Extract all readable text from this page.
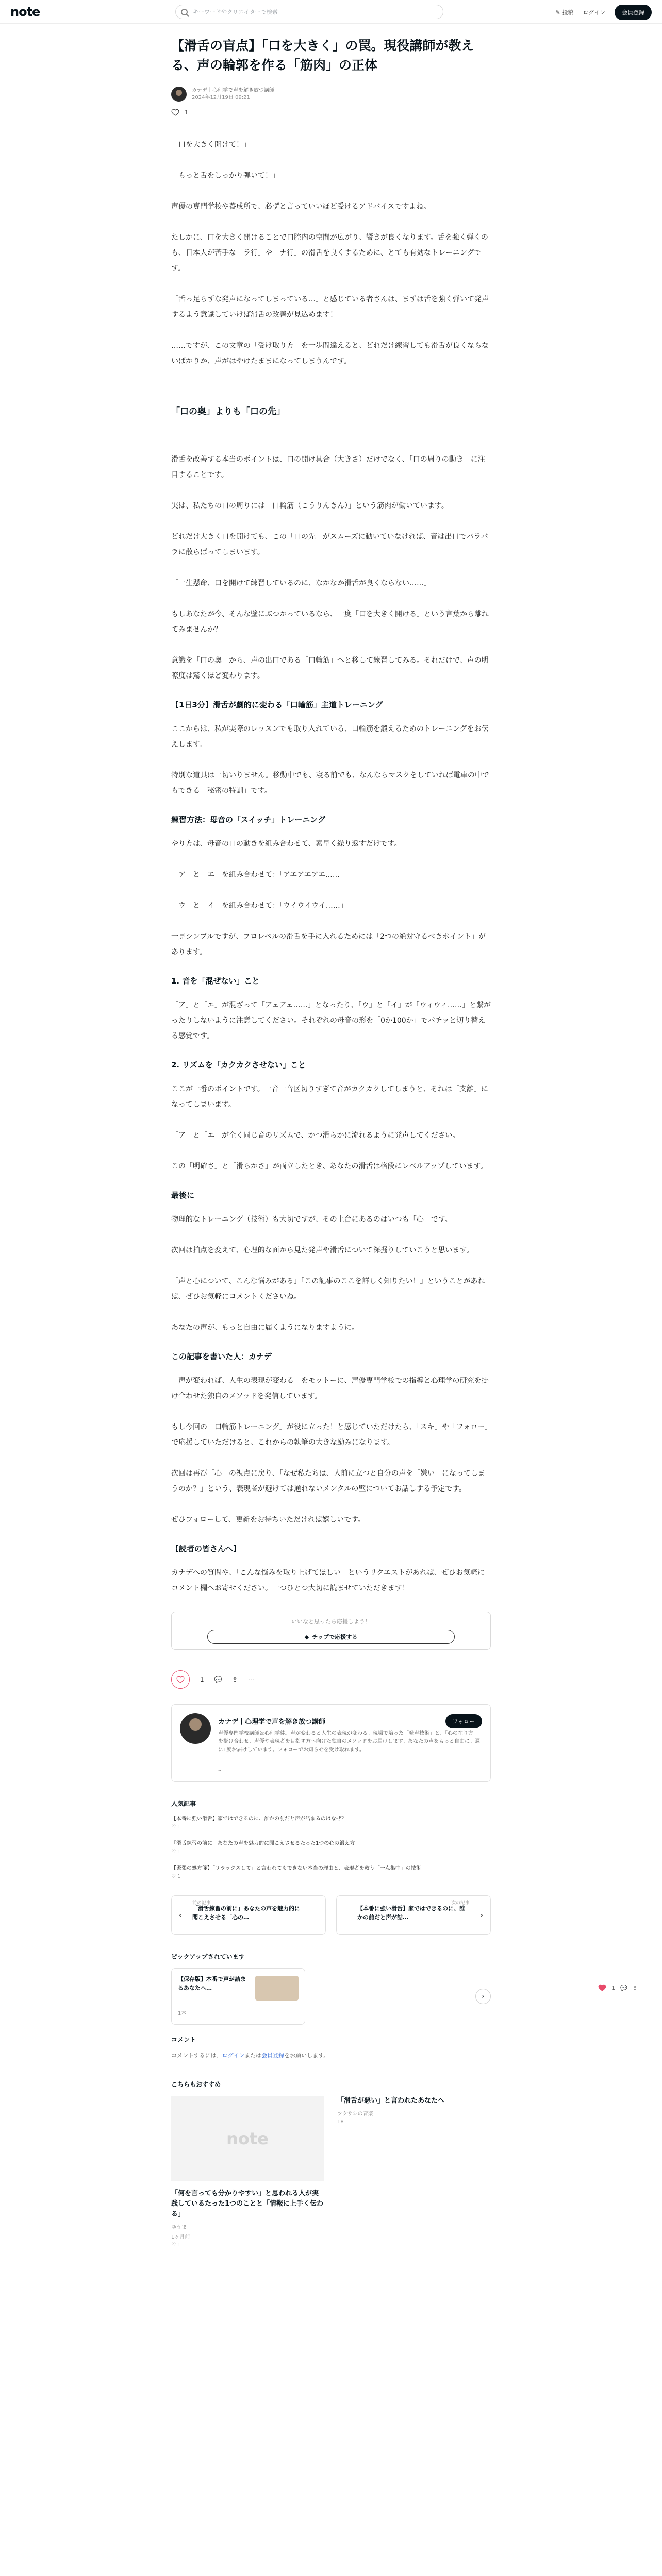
note	キーワードやクリエイターで検索	✎ 投稿 ログイン	会員登録
【滑舌の盲点】「口を大きく」の罠。現役講師が教える、声の輪郭を作る「筋肉」の正体
カナデ｜心理学で声を解き放つ講師
2024年12月19日 09:21
1

「口を大きく開けて！」

「もっと舌をしっかり弾いて！」

声優の専門学校や養成所で、必ずと言っていいほど受けるアドバイスですよね。

たしかに、口を大きく開けることで口腔内の空間が広がり、響きが良くなります。舌を強く弾くのも、日本人が苦手な「ラ行」や「ナ行」の滑舌を良くするために、とても有効なトレーニングです。

「舌っ足らずな発声になってしまっている…」と感じている者さんは、まずは舌を強く弾いて発声するよう意識していけば滑舌の改善が見込めます！

……ですが、この文章の「受け取り方」を一歩間違えると、どれだけ練習しても滑舌が良くならないばかりか、声がはやけたままになってしまうんです。

「口の奥」よりも「口の先」

滑舌を改善する本当のポイントは、口の開け具合（大きさ）だけでなく、「口の周りの動き」に注目することです。

実は、私たちの口の周りには「口輪筋（こうりんきん）」という筋肉が働いています。

どれだけ大きく口を開けても、この「口の先」がスムーズに動いていなければ、音は出口でバラバラに散らばってしまいます。

「一生懸命、口を開けて練習しているのに、なかなか滑舌が良くならない……」

もしあなたが今、そんな壁にぶつかっているなら、一度「口を大きく開ける」という言葉から離れてみませんか？

意識を「口の奥」から、声の出口である「口輪筋」へと移して練習してみる。それだけで、声の明瞭度は驚くほど変わります。

【1日3分】滑舌が劇的に変わる「口輪筋」主道トレーニング

ここからは、私が実際のレッスンでも取り入れている、口輪筋を鍛えるためのトレーニングをお伝えします。

特別な道具は一切いりません。移動中でも、寝る前でも、なんならマスクをしていれば電車の中でもできる「秘密の特訓」です。

練習方法：母音の「スイッチ」トレーニング

やり方は、母音の口の動きを組み合わせて、素早く繰り返すだけです。

「ア」と「エ」を組み合わせて：「アエアエアエ……」

「ウ」と「イ」を組み合わせて：「ウイウイウイ……」

一見シンプルですが、プロレベルの滑舌を手に入れるためには「2つの絶対守るべきポイント」があります。

1. 音を「混ぜない」こと

「ア」と「エ」が混ざって「アェアェ……」となったり、「ウ」と「イ」が「ウィウィ……」と繋がったりしないように注意してください。それぞれの母音の形を「0か100か」でパチッと切り替える感覚です。

2. リズムを「カクカクさせない」こと

ここが一番のポイントです。一音一音区切りすぎて音がカクカクしてしまうと、それは「支離」になってしまいます。

「ア」と「エ」が全く同じ音のリズムで、かつ滑らかに流れるように発声してください。

この「明確さ」と「滑らかさ」が両立したとき、あなたの滑舌は格段にレベルアップしています。

最後に

物理的なトレーニング（技術）も大切ですが、その土台にあるのはいつも「心」です。

次回は拍点を変えて、心理的な面から見た発声や滑舌について深掘りしていこうと思います。

「声と心について、こんな悩みがある」「この記事のここを詳しく知りたい！」ということがあれば、ぜひお気軽にコメントくださいね。

あなたの声が、もっと自由に届くようになりますように。

この記事を書いた人：カナデ

「声が変われば、人生の表現が変わる」をモットーに、声優専門学校での指導と心理学の研究を掛け合わせた独自のメソッドを発信しています。

もし今回の「口輪筋トレーニング」が役に立った！と感じていただけたら、「スキ」や「フォロー」で応援していただけると、これからの執筆の大きな励みになります。

次回は再び「心」の視点に戻り、「なぜ私たちは、人前に立つと自分の声を「嫌い」になってしまうのか？」という、表現者が避けては通れないメンタルの壁についてお話しする予定です。

ぜひフォローして、更新をお待ちいただければ嬉しいです。

【読者の皆さんへ】

カナデへの質問や、「こんな悩みを取り上げてほしい」というリクエストがあれば、ぜひお気軽にコメント欄へお寄せください。一つひとつ大切に読ませていただきます！

いいなと思ったら応援しよう！
◆ チップで応援する
1 💬 ⇪ ⋯
カナデ｜心理学で声を解き放つ講師	フォロー
声優専門学校講師＆心理学徒。声が変わると人生の表現が変わる。現場で培った「発声技術」と、「心の在り方」を掛け合わせ、声優や表現者を目指す方へ向けた独自のメソッドをお届けします。あなたの声をもっと自由に。週に1度お届けしています。フォローでお知らせを受け取れます。
⌁
人気記事
【本番に強い滑舌】家ではできるのに、誰かの前だと声が詰まるのはなぜ？
♡ 1
「滑舌練習の前に」あなたの声を魅力的に聞こえさせるたった1つの心の鍛え方
♡ 1
【緊張の処方箋】「リラックスして」と言われてもできない本当の理由と、表現者を救う「一点集中」の技術
♡ 1
前の記事
‹
「滑舌練習の前に」あなたの声を魅力的に聞こえさせる「心の…
次の記事
›
【本番に強い滑舌】家ではできるのに、誰かの前だと声が詰…
ピックアップされています
【保存版】本番で声が詰まるあなたへ…
1本
›
コメント
コメントするには、ログインまたは会員登録をお願いします。
こちらもおすすめ
note
「何を言っても分かりやすい」と思われる人が実践しているたった1つのことと「情報に上手く伝わる」
ゆうま
1ヶ月前
♡ 1
「滑舌が悪い」と言われたあなたへ
ツクサシの音楽
18
1 💬 ⇪
